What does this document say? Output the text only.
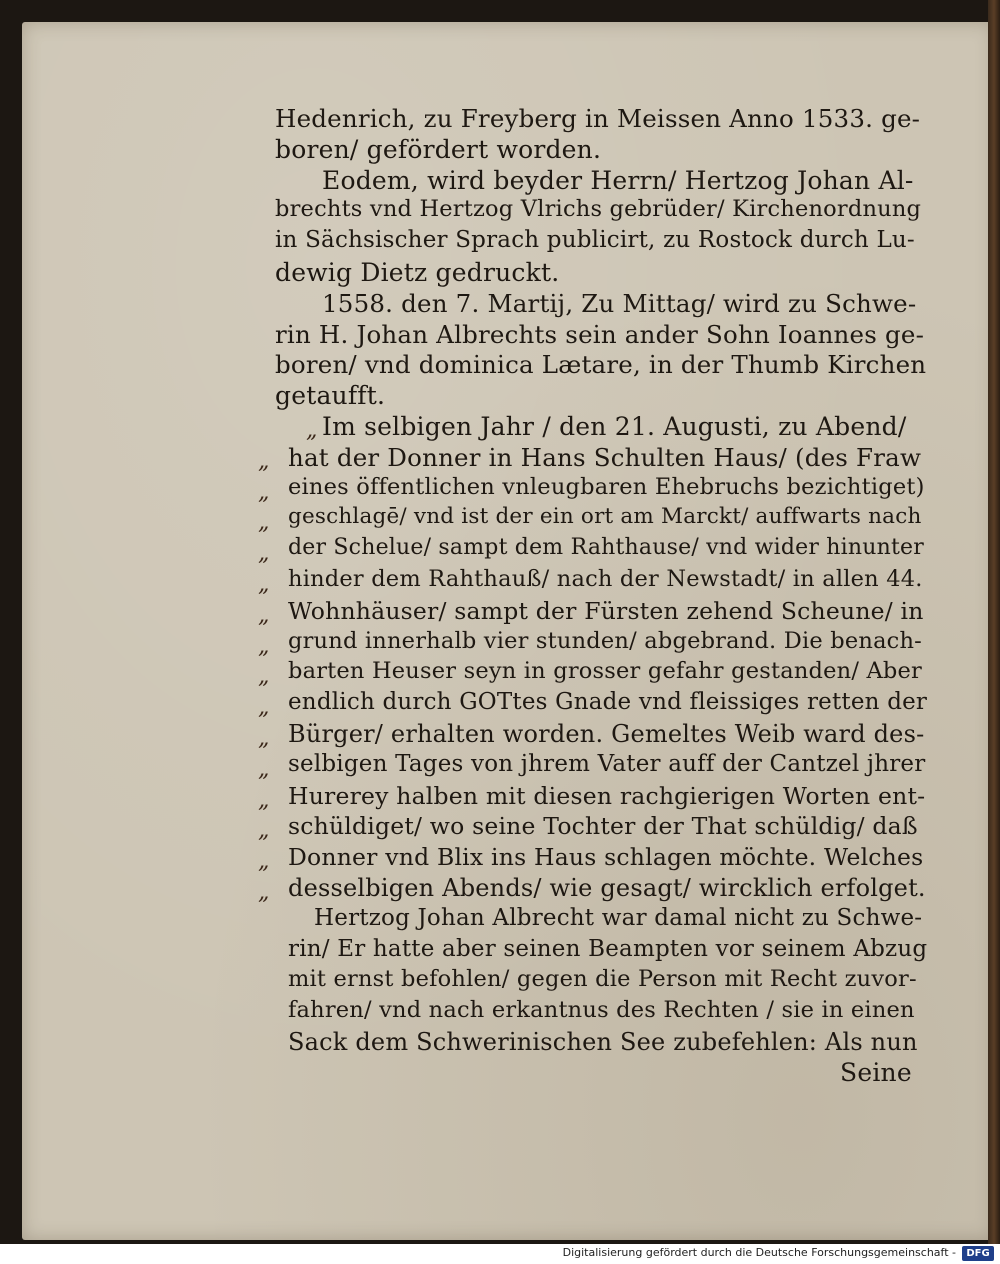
Hedenrich, zu Freyberg in Meissen Anno 1533. ge-
boren/ gefördert worden.
Eodem, wird beyder Herrn/ Hertzog Johan Al-
brechts vnd Hertzog Vlrichs gebrüder/ Kirchenordnung
in Sächsischer Sprach publicirt, zu Rostock durch Lu-
dewig Dietz gedruckt.
1558. den 7. Martij, Zu Mittag/ wird zu Schwe-
rin H. Johan Albrechts sein ander Sohn Ioannes ge-
boren/ vnd dominica Lætare, in der Thumb Kirchen
getaufft.
Im selbigen Jahr / den 21. Augusti, zu Abend/
hat der Donner in Hans Schulten Haus/ (des Fraw
eines öffentlichen vnleugbaren Ehebruchs bezichtiget)
geschlagē/ vnd ist der ein ort am Marckt/ auffwarts nach
der Schelue/ sampt dem Rahthause/ vnd wider hinunter
hinder dem Rahthauß/ nach der Newstadt/ in allen 44.
Wohnhäuser/ sampt der Fürsten zehend Scheune/ in
grund innerhalb vier stunden/ abgebrand. Die benach-
barten Heuser seyn in grosser gefahr gestanden/ Aber
endlich durch GOTtes Gnade vnd fleissiges retten der
Bürger/ erhalten worden. Gemeltes Weib ward des-
selbigen Tages von jhrem Vater auff der Cantzel jhrer
Hurerey halben mit diesen rachgierigen Worten ent-
schüldiget/ wo seine Tochter der That schüldig/ daß
Donner vnd Blix ins Haus schlagen möchte. Welches
desselbigen Abends/ wie gesagt/ wircklich erfolget.
Hertzog Johan Albrecht war damal nicht zu Schwe-
rin/ Er hatte aber seinen Beampten vor seinem Abzug
mit ernst befohlen/ gegen die Person mit Recht zuvor-
fahren/ vnd nach erkantnus des Rechten / sie in einen
Sack dem Schwerinischen See zubefehlen: Als nun
„
„
„
„
„
„
„
„
„
„
„
„
„
„
„
„
Seine
Digitalisierung gefördert durch die Deutsche Forschungsgemeinschaft -	DFG
